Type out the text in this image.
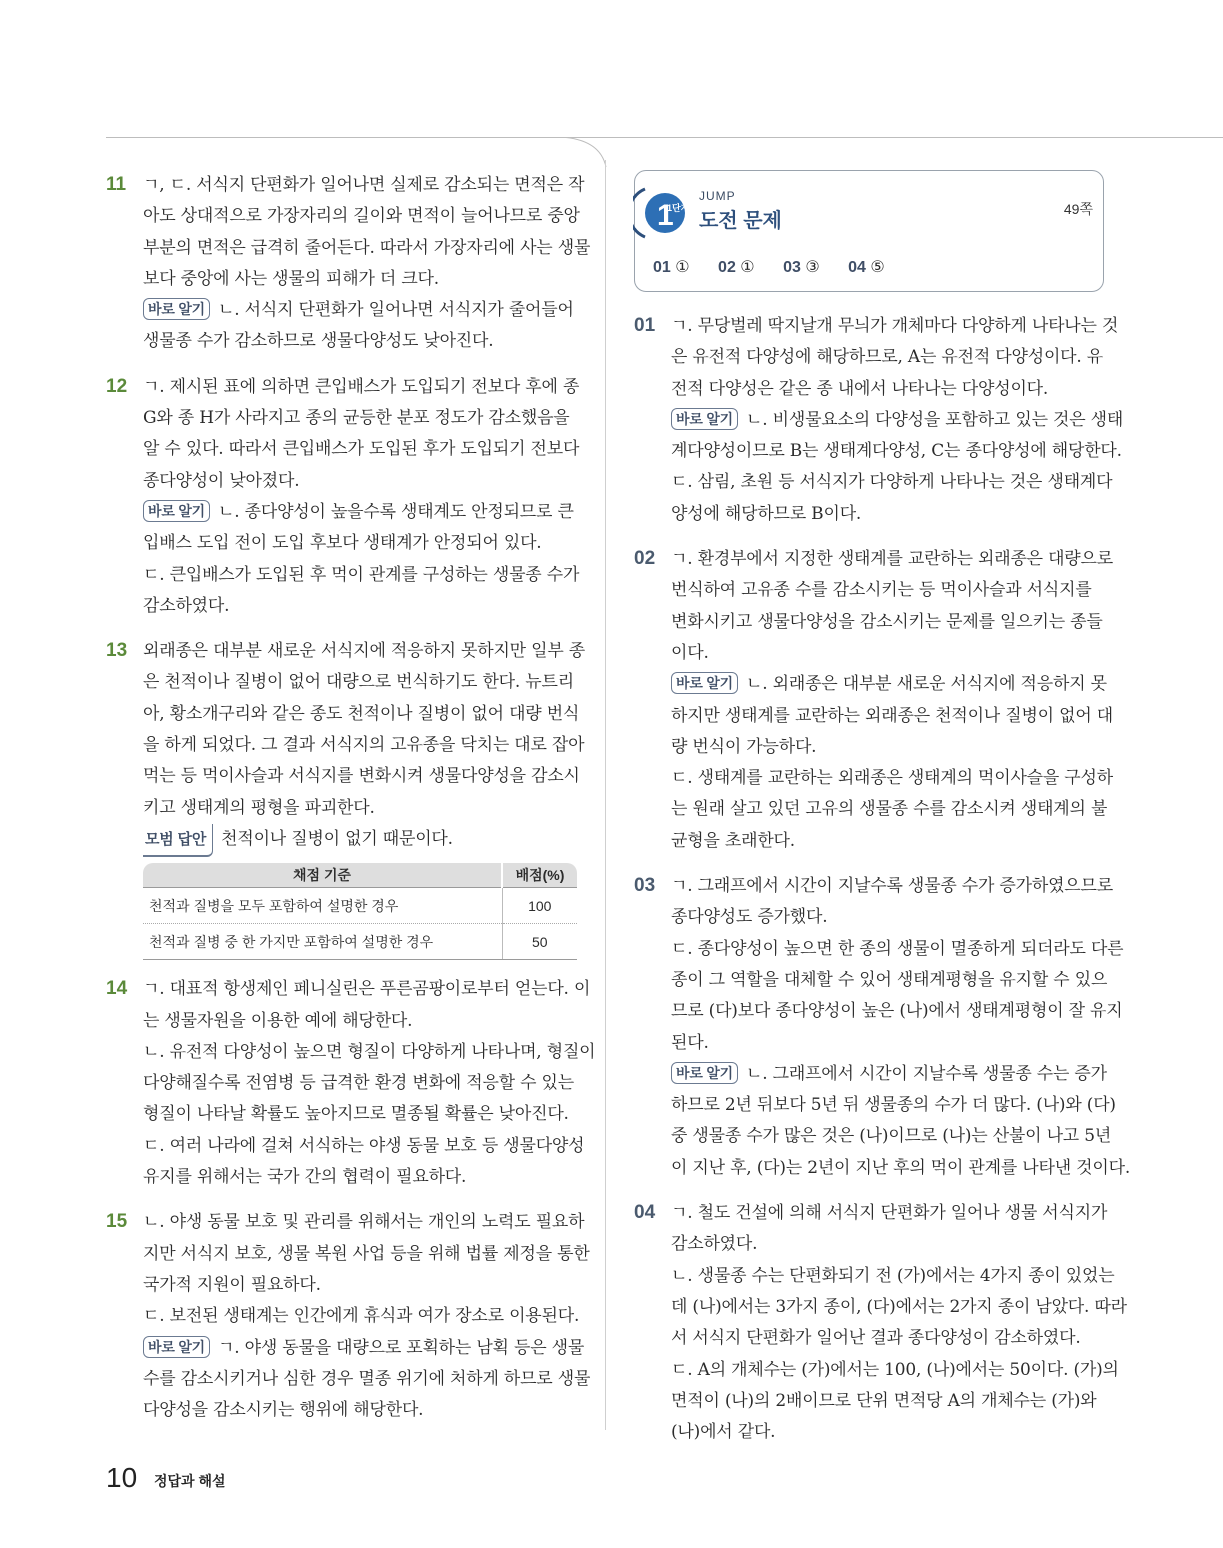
11 ㄱ, ㄷ. 서식지 단편화가 일어나면 실제로 감소되는 면적은 작
아도 상대적으로 가장자리의 길이와 면적이 늘어나므로 중앙
부분의 면적은 급격히 줄어든다. 따라서 가장자리에 사는 생물
보다 중앙에 사는 생물의 피해가 더 크다.
바로 알기 ㄴ. 서식지 단편화가 일어나면 서식지가 줄어들어
생물종 수가 감소하므로 생물다양성도 낮아진다.
12 ㄱ. 제시된 표에 의하면 큰입배스가 도입되기 전보다 후에 종
G와 종 H가 사라지고 종의 균등한 분포 정도가 감소했음을
알 수 있다. 따라서 큰입배스가 도입된 후가 도입되기 전보다
종다양성이 낮아졌다.
바로 알기 ㄴ. 종다양성이 높을수록 생태계도 안정되므로 큰
입배스 도입 전이 도입 후보다 생태계가 안정되어 있다.
ㄷ. 큰입배스가 도입된 후 먹이 관계를 구성하는 생물종 수가
감소하였다.
13 외래종은 대부분 새로운 서식지에 적응하지 못하지만 일부 종
은 천적이나 질병이 없어 대량으로 번식하기도 한다. 뉴트리
아, 황소개구리와 같은 종도 천적이나 질병이 없어 대량 번식
을 하게 되었다. 그 결과 서식지의 고유종을 닥치는 대로 잡아
먹는 등 먹이사슬과 서식지를 변화시켜 생물다양성을 감소시
키고 생태계의 평형을 파괴한다.
모범 답안 천적이나 질병이 없기 때문이다.
채점 기준	배점(%)
천적과 질병을 모두 포함하여 설명한 경우	100
천적과 질병 중 한 가지만 포함하여 설명한 경우	50
14 ㄱ. 대표적 항생제인 페니실린은 푸른곰팡이로부터 얻는다. 이
는 생물자원을 이용한 예에 해당한다.
ㄴ. 유전적 다양성이 높으면 형질이 다양하게 나타나며, 형질이
다양해질수록 전염병 등 급격한 환경 변화에 적응할 수 있는
형질이 나타날 확률도 높아지므로 멸종될 확률은 낮아진다.
ㄷ. 여러 나라에 걸쳐 서식하는 야생 동물 보호 등 생물다양성
유지를 위해서는 국가 간의 협력이 필요하다.
15 ㄴ. 야생 동물 보호 및 관리를 위해서는 개인의 노력도 필요하
지만 서식지 보호, 생물 복원 사업 등을 위해 법률 제정을 통한
국가적 지원이 필요하다.
ㄷ. 보전된 생태계는 인간에게 휴식과 여가 장소로 이용된다.
바로 알기 ㄱ. 야생 동물을 대량으로 포획하는 남획 등은 생물
수를 감소시키거나 심한 경우 멸종 위기에 처하게 하므로 생물
다양성을 감소시키는 행위에 해당한다.
1
1단계
JUMP
도전 문제
49쪽
01 ① 02 ① 03 ③ 04 ⑤
01 ㄱ. 무당벌레 딱지날개 무늬가 개체마다 다양하게 나타나는 것
은 유전적 다양성에 해당하므로, A는 유전적 다양성이다. 유
전적 다양성은 같은 종 내에서 나타나는 다양성이다.
바로 알기 ㄴ. 비생물요소의 다양성을 포함하고 있는 것은 생태
계다양성이므로 B는 생태계다양성, C는 종다양성에 해당한다.
ㄷ. 삼림, 초원 등 서식지가 다양하게 나타나는 것은 생태계다
양성에 해당하므로 B이다.
02 ㄱ. 환경부에서 지정한 생태계를 교란하는 외래종은 대량으로
번식하여 고유종 수를 감소시키는 등 먹이사슬과 서식지를
변화시키고 생물다양성을 감소시키는 문제를 일으키는 종들
이다.
바로 알기 ㄴ. 외래종은 대부분 새로운 서식지에 적응하지 못
하지만 생태계를 교란하는 외래종은 천적이나 질병이 없어 대
량 번식이 가능하다.
ㄷ. 생태계를 교란하는 외래종은 생태계의 먹이사슬을 구성하
는 원래 살고 있던 고유의 생물종 수를 감소시켜 생태계의 불
균형을 초래한다.
03 ㄱ. 그래프에서 시간이 지날수록 생물종 수가 증가하였으므로
종다양성도 증가했다.
ㄷ. 종다양성이 높으면 한 종의 생물이 멸종하게 되더라도 다른
종이 그 역할을 대체할 수 있어 생태계평형을 유지할 수 있으
므로 (다)보다 종다양성이 높은 (나)에서 생태계평형이 잘 유지
된다.
바로 알기 ㄴ. 그래프에서 시간이 지날수록 생물종 수는 증가
하므로 2년 뒤보다 5년 뒤 생물종의 수가 더 많다. (나)와 (다)
중 생물종 수가 많은 것은 (나)이므로 (나)는 산불이 나고 5년
이 지난 후, (다)는 2년이 지난 후의 먹이 관계를 나타낸 것이다.
04 ㄱ. 철도 건설에 의해 서식지 단편화가 일어나 생물 서식지가
감소하였다.
ㄴ. 생물종 수는 단편화되기 전 (가)에서는 4가지 종이 있었는
데 (나)에서는 3가지 종이, (다)에서는 2가지 종이 남았다. 따라
서 서식지 단편화가 일어난 결과 종다양성이 감소하였다.
ㄷ. A의 개체수는 (가)에서는 100, (나)에서는 50이다. (가)의
면적이 (나)의 2배이므로 단위 면적당 A의 개체수는 (가)와
(나)에서 같다.
10 정답과 해설
